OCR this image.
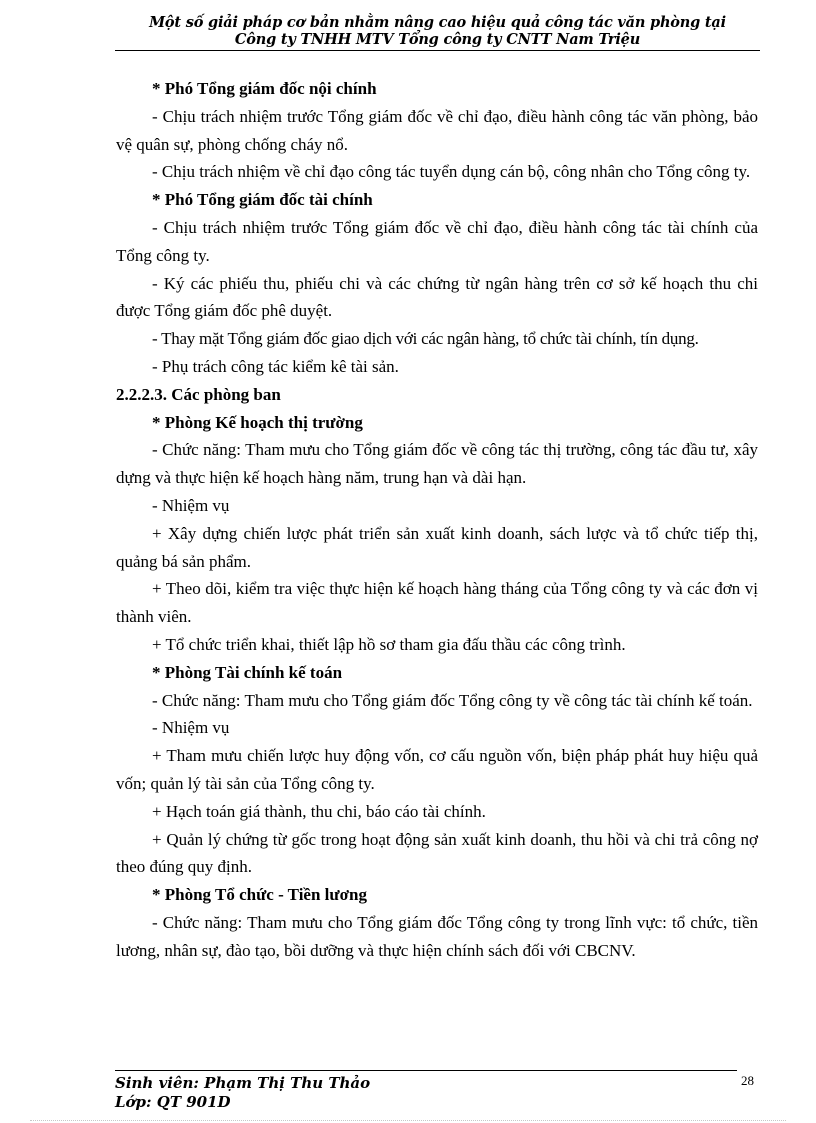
Một số giải pháp cơ bản nhằm nâng cao hiệu quả công tác văn phòng tại
Công ty TNHH MTV Tổng công ty CNTT Nam Triệu

* Phó Tổng giám đốc nội chính

- Chịu trách nhiệm trước Tổng giám đốc về chỉ đạo, điều hành công tác văn phòng, bảo vệ quân sự, phòng chống cháy nổ.

- Chịu trách nhiệm về chỉ đạo công tác tuyển dụng cán bộ, công nhân cho Tổng công ty.

* Phó Tổng giám đốc tài chính

- Chịu trách nhiệm trước Tổng giám đốc về chỉ đạo, điều hành công tác tài chính của Tổng công ty.

- Ký các phiếu thu, phiếu chi và các chứng từ ngân hàng trên cơ sở kế hoạch thu chi được Tổng giám đốc phê duyệt.

- Thay mặt Tổng giám đốc giao dịch với các ngân hàng, tổ chức tài chính, tín dụng.

- Phụ trách công tác kiểm kê tài sản.

2.2.2.3. Các phòng ban

* Phòng Kế hoạch thị trường

- Chức năng: Tham mưu cho Tổng giám đốc về công tác thị trường, công tác đầu tư, xây dựng và thực hiện kế hoạch hàng năm, trung hạn và dài hạn.

- Nhiệm vụ

+ Xây dựng chiến lược phát triển sản xuất kinh doanh, sách lược và tổ chức tiếp thị, quảng bá sản phẩm.

+ Theo dõi, kiểm tra việc thực hiện kế hoạch hàng tháng của Tổng công ty và các đơn vị thành viên.

+ Tổ chức triển khai, thiết lập hồ sơ tham gia đấu thầu các công trình.

* Phòng Tài chính kế toán

- Chức năng: Tham mưu cho Tổng giám đốc Tổng công ty về công tác tài chính kế toán.

- Nhiệm vụ

+ Tham mưu chiến lược huy động vốn, cơ cấu nguồn vốn, biện pháp phát huy hiệu quả vốn; quản lý tài sản của Tổng công ty.

+ Hạch toán giá thành, thu chi, báo cáo tài chính.

+ Quản lý chứng từ gốc trong hoạt động sản xuất kinh doanh, thu hồi và chi trả công nợ theo đúng quy định.

* Phòng Tổ chức - Tiền lương

- Chức năng: Tham mưu cho Tổng giám đốc Tổng công ty trong lĩnh vực: tổ chức, tiền lương, nhân sự, đào tạo, bồi dưỡng và thực hiện chính sách đối với CBCNV.

Sinh viên: Phạm Thị Thu Thảo
Lớp: QT 901D
28
